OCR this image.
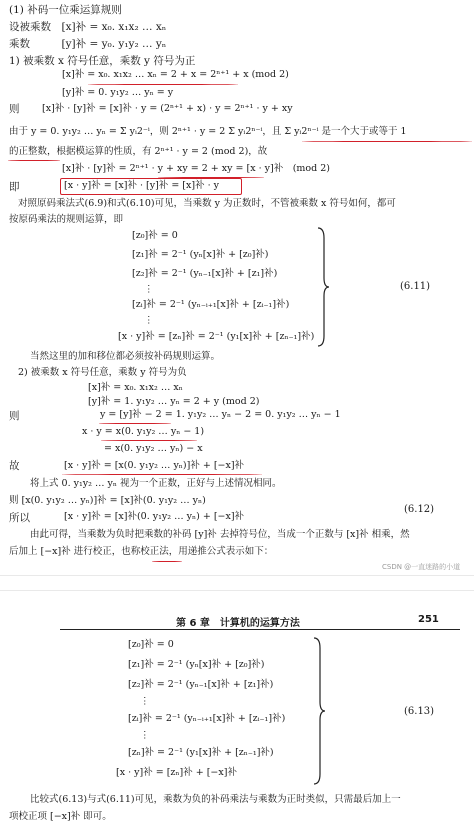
(1) 补码一位乘运算规则
设被乘数　[x]补 = x₀. x₁x₂ … xₙ
乘数　　　[y]补 = y₀. y₁y₂ … yₙ
1) 被乘数 x 符号任意，乘数 y 符号为正
[x]补 = x₀. x₁x₂ … xₙ = 2 + x = 2ⁿ⁺¹ + x (mod 2)
[y]补 = 0. y₁y₂ … yₙ = y
则 [x]补 · [y]补 = [x]补 · y = (2ⁿ⁺¹ + x) · y = 2ⁿ⁺¹ · y + xy
由于 y = 0. y₁y₂ … yₙ = Σ yᵢ2⁻ⁱ，则 2ⁿ⁺¹ · y = 2 Σ yᵢ2ⁿ⁻ⁱ，且 Σ yᵢ2ⁿ⁻ⁱ 是一个大于或等于 1
的正整数，根据模运算的性质，有 2ⁿ⁺¹ · y = 2 (mod 2)，故
[x]补 · [y]补 = 2ⁿ⁺¹ · y + xy = 2 + xy = [x · y]补　(mod 2)
即	[x · y]补 = [x]补 · [y]补 = [x]补 · y
对照原码乘法式(6.9)和式(6.10)可见，当乘数 y 为正数时，不管被乘数 x 符号如何，都可
按原码乘法的规则运算，即
[z₀]补 = 0
[z₁]补 = 2⁻¹ (yₙ[x]补 + [z₀]补)
[z₂]补 = 2⁻¹ (yₙ₋₁[x]补 + [z₁]补)
⋮
[zᵢ]补 = 2⁻¹ (yₙ₋ᵢ₊₁[x]补 + [zᵢ₋₁]补)
⋮
[x · y]补 = [zₙ]补 = 2⁻¹ (y₁[x]补 + [zₙ₋₁]补)
(6.11)
当然这里的加和移位都必须按补码规则运算。
2) 被乘数 x 符号任意，乘数 y 符号为负
[x]补 = x₀. x₁x₂ … xₙ
[y]补 = 1. y₁y₂ … yₙ = 2 + y (mod 2)
则	y = [y]补 − 2 = 1. y₁y₂ … yₙ − 2 = 0. y₁y₂ … yₙ − 1
x · y = x(0. y₁y₂ … yₙ − 1)
= x(0. y₁y₂ … yₙ) − x
故	[x · y]补 = [x(0. y₁y₂ … yₙ)]补 + [−x]补
将上式 0. y₁y₂ … yₙ 视为一个正数，正好与上述情况相同。
则 [x(0. y₁y₂ … yₙ)]补 = [x]补(0. y₁y₂ … yₙ)
所以	[x · y]补 = [x]补(0. y₁y₂ … yₙ) + [−x]补
(6.12)
由此可得，当乘数为负时把乘数的补码 [y]补 去掉符号位，当成一个正数与 [x]补 相乘，然
后加上 [−x]补 进行校正，也称校正法，用递推公式表示如下：
CSDN @一直迷路的小道
第 6 章　计算机的运算方法	251
[z₀]补 = 0
[z₁]补 = 2⁻¹ (yₙ[x]补 + [z₀]补)
[z₂]补 = 2⁻¹ (yₙ₋₁[x]补 + [z₁]补)
⋮
[zᵢ]补 = 2⁻¹ (yₙ₋ᵢ₊₁[x]补 + [zᵢ₋₁]补)
⋮
[zₙ]补 = 2⁻¹ (y₁[x]补 + [zₙ₋₁]补)
[x · y]补 = [zₙ]补 + [−x]补
(6.13)
比较式(6.13)与式(6.11)可见，乘数为负的补码乘法与乘数为正时类似，只需最后加上一
项校正项 [−x]补 即可。
